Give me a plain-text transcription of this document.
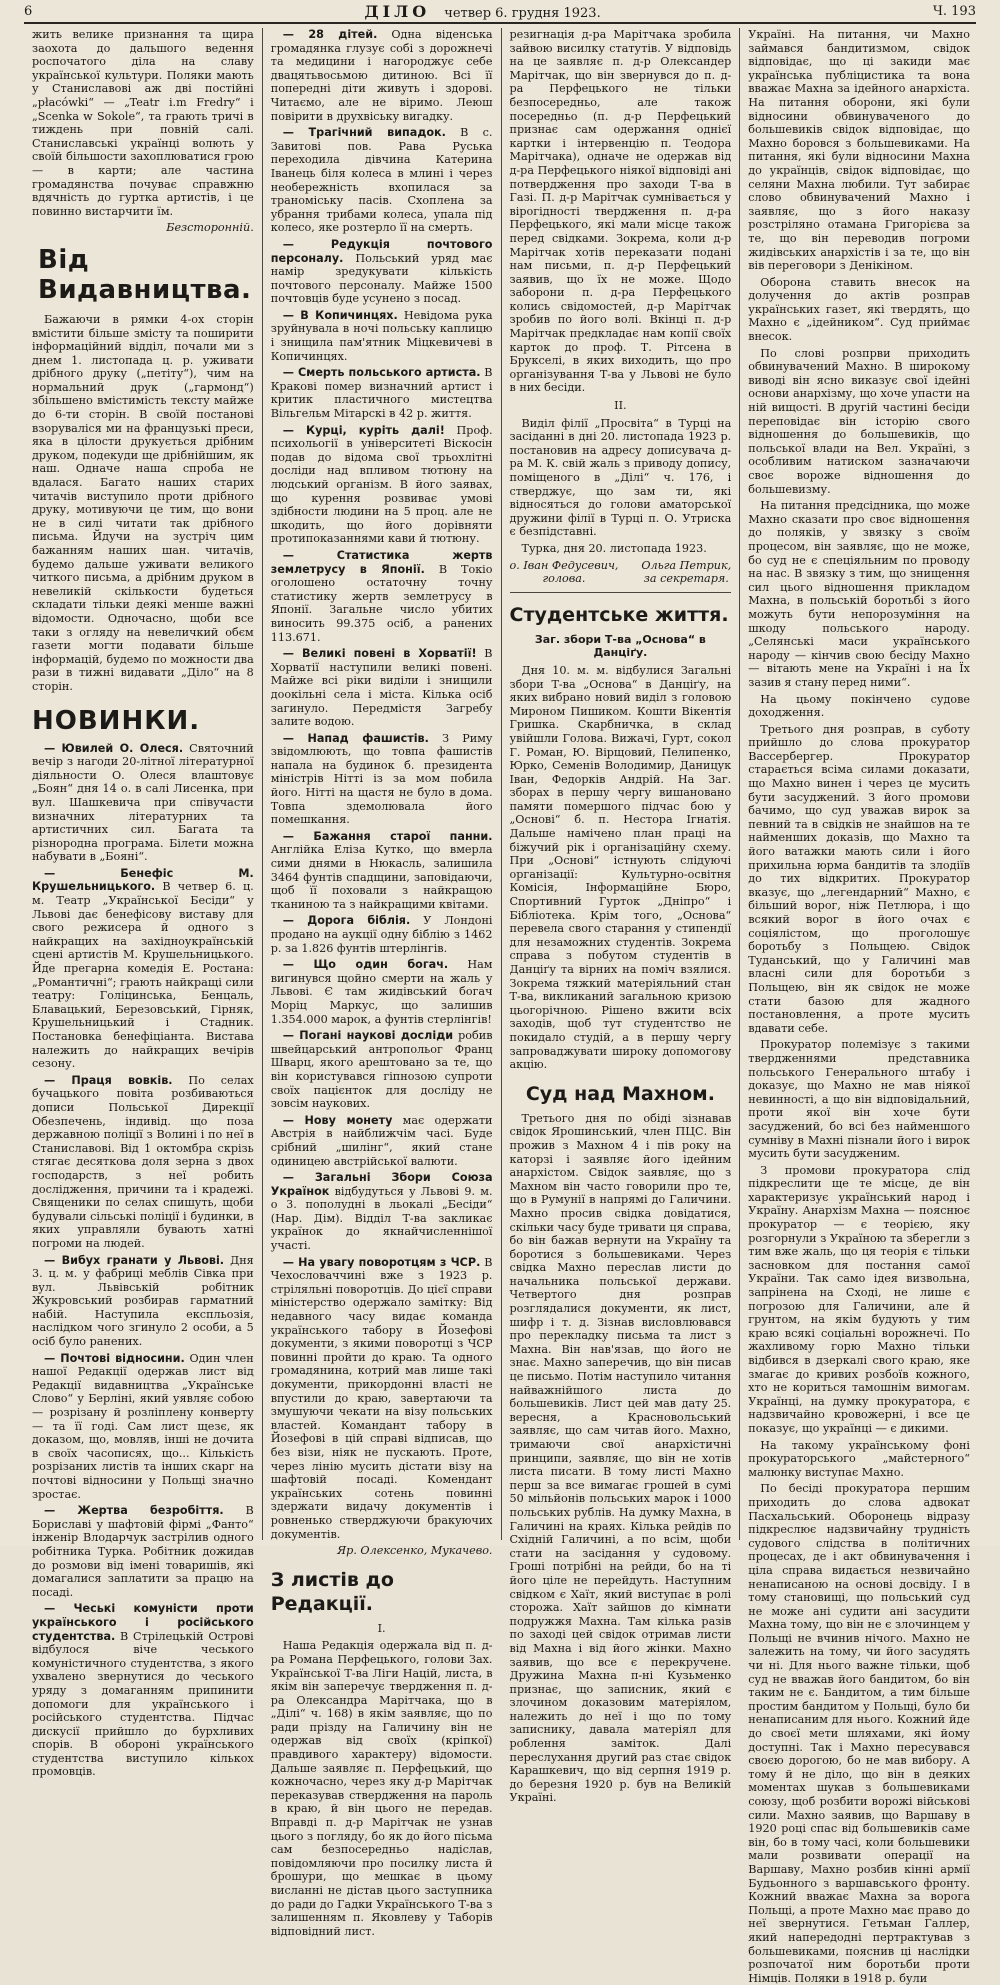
6	ДІЛО четвер 6. грудня 1923.	Ч. 193

жить велике признання та щира заохота до дальшого ведення роспочатого діла на славу української культури. Поляки мають у Станиславові аж дві постійні „płacówki“ — „Teatr i.m Fredry“ і „Scenka w Sokole“, та грають тричі в тиждень при повній салі. Станиславські українці волють у своїй більшости захоплюватися грою — в карти; але частина громадянства почуває справжню вдячність до гуртка артистів, і це повинно виcтарчити їм.

Безсторонній.

Від Видавництва.

Бажаючи в рямки 4-ох сторін вмістити більше змісту та поширити інформаційний відділ, почали ми з днем 1. листопада ц. р. уживати дрібного друку („петіту“), чим на нормальний друк („гармонд“) збільшено вмістимість тексту майже до 6-ти сторін. В своїй постанові взоруваліся ми на французькі преси, яка в цілости друкується дрібним друком, подекуди ще дрібнійшим, як наш. Одначе наша спроба не вдалася. Багато наших старих читачів виступило проти дрібного друку, мотивуючи це тим, що вони не в силі читати так дрібного письма. Йдучи на зустріч цим бажанням наших шан. читачів, будемо дальше уживати великого читкого письма, а дрібним друком в невеликій скількости будеться складати тільки деякі менше важні відомости. Одночасно, щоби все таки з огляду на невеличкий обєм газети могти подавати більше інформацій, будемо по можности два рази в тижні видавати „Діло“ на 8 сторін.

НОВИНКИ.

— Ювилей О. Олеся. Святочний вечір з нагоди 20-літної літературної діяльности О. Олеся влаштовує „Боян“ дня 14 о. в салі Лисенка, при вул. Шашкевича при співучасти визначних літературних та артистичних сил. Багата та різнородна програма. Білети можна набувати в „Бояні“.

— Бенефіс М. Крушельницького. В четвер 6. ц. м. Театр „Української Бесіди“ у Львові дає бенефісову виставу для свого режисера й одного з найкращих на західноукраїнській сцені артистів М. Крушельницького. Йде прегарна комедія Е. Ростана: „Романтичні“; грають найкращі сили театру: Голіцинська, Бенцаль, Блавацький, Березовський, Гірняк, Крушельницький і Стадник. Постановка бенефіціанта. Вистава належить до найкращих вечірів сезону.

— Праця вовків. По селах бучацького повіта розбиваються дописи Польської Дирекції Обезпечень, індивід. що поза державною поліції з Волині і по неї в Станиславові. Від 1 октомбра скрізь стягає десяткова доля зерна з двох господарств, з неї робить дослідження, причини та і крадежі. Священики по селах спишуть, щоби будували сільські поліції і будинки, в яких управляли бувають хатні погроми на людей.

— Вибух гранати у Львові. Дня 3. ц. м. у фабриці меблів Сівка при вул. Львівській робітник Жукровський розбирав гарматний набій. Наступила експльозія, наслідком чого згинуло 2 особи, а 5 осіб було ранених.

— Почтові відносини. Один член нашої Редакції одержав лист від Редакції видавництва „Українське Слово“ у Берліні, який уявляє собою — розрізану й розліплену конверту — та її годі. Сам лист щезє, як доказом, що, мовляв, інші не дочита в своїх часописях, що... Кількість розрізаних листів та інших скарг на почтові відносини у Польщі значно зростає.

— Жертва безробіття. В Бориславі у шафтовій фірмі „Фанто“ інженір Влодарчук застрілив одного робітника Турка. Робітник дожидав до розмови від імені товаришів, які домагалися заплатити за працю на посаді.

— Чеські комуністи проти українського і російського студентства. В Стрілецькій Острові відбулося віче чеського комуністичного студентства, з якого ухвалено звернутися до чеського уряду з домаганням припинити допомоги для українського і російського студентства. Підчас дискусії прийшло до бурхливих спорів. В обороні українського студентства виступило кількох промовців.

— 28 дітей. Одна віденська громадянка глузує собі з дорожнечі та медицини і нагороджує себе двацятьвосьмою дитиною. Всі її попередні діти живуть і здорові. Читаємо, але не віримо. Леюш повірити в друхвіську вигадку.

— Трагічний випадок. В с. Завитові пов. Рава Руська переходила дівчина Катерина Іванець біля колеса в млині і через необережність вхопилася за траноміську пасів. Схоплена за убрання трибами колеса, упала під колесо, яке розтерло її на смерть.

— Редукція почтового персоналу. Польський уряд має намір зредукувати кількість почтового персоналу. Майже 1500 почтовців буде усунено з посад.

— В Копичинцях. Невідома рука зруйнувала в ночі польську каплицю і знищила пам'ятник Міцкевичеві в Копичинцях.

— Смерть польського артиста. В Кракові помер визначний артист і критик пластичного мистецтва Вільгельм Мітарскі в 42 р. життя.

— Курці, куріть далі! Проф. психольогії в університеті Віскосін подав до відома свої трьохлітні досліди над впливом тютюну на людський організм. В його заявах, що курення розвиває умові здібности людини на 5 проц. але не шкодить, що його дорівняти протипоказаннями кави й тютюну.

— Статистика жертв землетрусу в Японії. В Токіо оголошено остаточну точну статистику жертв землетрусу в Японії. Загальне число убитих виносить 99.375 осіб, а ранених 113.671.

— Великі повені в Хорватії! В Хорватії наступили великі повені. Майже всі ріки виділи і знищили доокільні села і міста. Кілька осіб загинуло. Передмістя Загребу залите водою.

— Напад фашистів. З Риму звідомлюють, що товпа фашистів напала на будинок б. президента міністрів Нітті із за мом побила його. Нітті на щастя не було в дома. Товпа здемолювала його помешкання.

— Бажання старої панни. Англійка Еліза Кутко, що вмерла сими днями в Нюкасль, залишила 3464 фунтів спадщини, заповідаючи, щоб її поховали з найкращою тканиною та з найкращими квітами.

— Дорога біблія. У Лондоні продано на аукції одну біблію з 1462 р. за 1.826 фунтів штерлінгів.

— Що один богач. Нам вигинувся щойно смерти на жаль у Львові. Є там жидівський богач Моріц Маркус, що залишив 1.354.000 марок, а фунтів стерлінгів!

— Погані наукові досліди робив швейцарський антропольог Франц Шварц, якого арештовано за те, що він користувався гіпнозою супроти своїх пацієнток для досліду не зовсім наукових.

— Нову монету має одержати Австрія в найближчім часі. Буде срібний „шилінг“, який стане одиницею австрійської валюти.

— Загальні Збори Союза Українок відбудуться у Львові 9. м. о 3. пополудні в льокалі „Бесіди“ (Нар. Дім). Відділ Т-ва закликає українок до якнайчисленнішої участі.

— На увагу поворотцям з ЧСР. В Чехословаччині вже з 1923 р. стріляльні поворотців. До цієї справи міністерство одержало замітку: Від недавного часу видає команда українського табору в Йозефові документи, з якими поворотці з ЧСР повинні пройти до краю. Та одного громадянина, котрий мав лише такі документи, прикордонні власті не впустили до краю, завертаючи та змушуючи чекати на візу польських властей. Командант табору в Йозефові в цій справі відписав, що без візи, ніяк не пускають. Проте, через лінію мусить дістати візу на шафтовій посаді. Комендант українських сотень повинні здержати видачу документів і ровненько стверджуючи бракуючих документів.

Яр. Олексенко, Мукачево.

З листів до Редакції.
І.

Наша Редакція одержала від п. д-ра Романа Перфецького, голови Зах. Української Т-ва Ліги Націй, листа, в якім він заперечує твердження п. д-ра Олександра Марітчака, що в „Ділі“ ч. 168) в якім заявляє, що по ради прізду на Галичину він не одержав від своїх (кріпкої) правдивого характеру) відомости. Дальше заявляє п. Перфецький, що кожночасно, через яку д-р Марітчак переказував ствердження на пароль в краю, й він цього не передав. Вправді п. д-р Марітчак не узнав цього з погляду, бо як до його пісьма сам безпосередньо надіслав, повідомляючи про посилку листа й брошури, що мешкає в цьому висланні не дістав цього заступника до ради до Гадки Українського Т-ва з залишенням п. Яковлеву у Таборів відповідний лист.

резигнація д-ра Марітчака зробила зайвою висилку статутів. У відповідь на це заявляє п. д-р Олександер Марітчак, що він звернувся до п. д-ра Перфецького не тільки безпосередньо, але також посередньо (п. д-р Перфецький признає сам одержання однієї картки і інтервенцію п. Теодора Марітчака), одначе не одержав від д-ра Перфецького ніякої відповіді ані потвердження про заходи Т-ва в Газі. П. д-р Марітчак сумнівається у вірогідності твердження п. д-ра Перфецького, які мали місце також перед свідками. Зокрема, коли д-р Марітчак хотів переказати подані нам письми, п. д-р Перфецький заявив, що їх не може. Щодо заборони п. д-ра Перфецького колись свідомостей, д-р Марітчак зробив по його волі. Вкінці п. д-р Марітчак предкладає нам копії своїх карток до проф. Т. Рітсена в Брукселі, в яких виходить, що про організування Т-ва у Львові не було в них бесіди.

ІІ.

Виділ філії „Просвіта“ в Турці на засіданні в дні 20. листопада 1923 р. постановив на адресу дописувача д-ра М. К. свій жаль з приводу допису, поміщеного в „Ділі“ ч. 176, і стверджує, що зам ти, які відносяться до голови аматорської дружини філії в Турці п. О. Утриска є безпідставні.

Турка, дня 20. листопада 1923.

о. Іван Федусевич,
голова.
Ольга Петрик,
за секретаря.
Студентське життя.
Заг. збори Т-ва „Основа“ в Данціґу.

Дня 10. м. м. відбулися Загальні збори Т-ва „Основа“ в Данціґу, на яких вибрано новий виділ з головою Мироном Пишиком. Кошти Вікентія Гришка. Скарбничка, в склад увійшли Голова. Вижачі, Гурт, сокол Г. Роман, Ю. Вірщовий, Пелипенко, Юрко, Семенів Володимир, Даницук Іван, Федорків Андрій. На Заг. зборах в першу чергу вишановано памяти помершого підчас бою у „Основі“ б. п. Нестора Ігнатія. Дальше намічено план праці на біжучий рік і організаційну схему. При „Основі“ істнують слідуючі організації: Культурно-освітня Комісія, Інформаційне Бюро, Спортивний Гурток „Дніпро“ і Бібліотека. Крім того, „Основа“ перевела свого старання у стипендії для незаможних студентів. Зокрема справа з побутом студентів в Данціґу та вірних на поміч взялися. Зокрема тяжкий матеріяльний стан Т-ва, викликаний загальною кризою цьогорічною. Рішено вжити всіх заходів, щоб тут студентство не покидало студій, а в першу чергу запроваджувати широку допомогову акцію.

Суд над Махном.

Третього дня по обіді зізнавав свідок Ярошинський, член ПЦС. Він прожив з Махном 4 і пів року на каторзі і заявляє його ідейним анархістом. Свідок заявляє, що з Махном він часто говорили про те, що в Румунії в напрямі до Галичини. Махно просив свідка довідатися, скільки часу буде тривати ця справа, бо він бажав вернути на Україну та боротися з большевиками. Через свідка Махно переслав листи до начальника польської держави. Четвертого дня розправ розглядалися документи, як лист, шифр і т. д. Зізнав висловлювався про перекладку письма та лист з Махна. Він нав'язав, що його не знає. Махно заперечив, що він писав це письмо. Потім наступило читання найважнійшого листа до большевиків. Лист цей мав дату 25. вересня, а Красновольський заявляє, що сам читав його. Махно, тримаючи свої анархістичні принципи, заявляє, що він не хотів листа писати. В тому листі Махно перш за все вимагає грошей в сумі 50 мільйонів польських марок і 1000 польських рублів. На думку Махна, в Галичині на краях. Кілька рейдів по Східній Галичині, а по всім, щоби стати на засідання у судовому. Гроші потрібні на рейди, бо на ті його ціле не перейдуть. Наступним свідком є Хаїт, який виступає в ролі сторожа. Хаїт зайшов до кімнати подружжя Махна. Там кілька разів по заході цей свідок отримав листи від Махна і від його жінки. Махно заявив, що все є перекручене. Дружина Махна п-ні Кузьменко признає, що записник, який є злочином доказовим матеріялом, належить до неї і що по тому записнику, давала матеріял для роблення заміток. Далі переслухання другий раз стає свідок Карашкевич, що від серпня 1919 р. до березня 1920 р. був на Великій Україні.

Україні. На питання, чи Махно займався бандитизмом, свідок відповідає, що ці закиди має українська публіцистика та вона вважає Махна за ідейного анархіста. На питання оборони, які були відносини обвинуваченого до большевиків свідок відповідає, що Махно боровся з большевиками. На питання, які були відносини Махна до українців, свідок відповідає, що селяни Махна любили. Тут забирає слово обвинувачений Махно і заявляє, що з його наказу розстріляно отамана Григорієва за те, що він переводив погроми жидівських анархістів і за те, що він вів переговори з Денікіном.

Оборона ставить внесок на долучення до актів розправ українських газет, які твердять, що Махно є „ідейником“. Суд приймає внесок.

По слові розпрви приходить обвинувачений Махно. В широкому виводі він ясно виказує свої ідейні основи анархізму, що хоче упасти на ній вищості. В другій частині бесіди переповідає він історію свого відношення до большевиків, що польської влади на Вел. Україні, з особливим натиском зазначаючи своє вороже відношення до большевизму.

На питання предсідника, що може Махно сказати про своє відношення до поляків, у звязку з своїм процесом, він заявляє, що не може, бо суд не є спеціяльним по проводу на нас. В звязку з тим, що знищення сил цього відношення прикладом Махна, в польській боротьбі з його можуть бути непорозуміння на шкоду польського народу. „Селянські маси українського народу — кінчив свою бесіду Махно — вітають мене на Україні і на Їх зазив я стану перед ними“.

На цьому покінчено судове доходження.

Третього дня розправ, в суботу прийшло до слова прокуратор Вассербергер. Прокуратор старається всіма силами доказати, що Махно винен і через це мусить бути засуджений. З його промови бачимо, що суд уважав вирок за певний та в свідків не знайшов на те найменших доказів, що Махно та його ватажки мають сили і його прихильна юрма бандитів та злодіїв до тих відкритих. Прокуратор вказує, що „легендарний“ Махно, є більший ворог, ніж Петлюра, і що всякий ворог в його очах є соціялістом, що проголошує боротьбу з Польщею. Свідок Туданський, що у Галичині мав власні сили для боротьби з Польщею, він як свідок не може стати базою для жадного постановлення, а проте мусить вдавати себе.

Прокуратор полемізує з такими твердженнями представника польського Генерального штабу і доказує, що Махно не мав ніякої невинності, а що він відповідальний, проти якої він хоче бути засуджений, бо всі без найменшого сумніву в Махні пізнали його і вирок мусить бути засудженим.

З промови прокуратора слід підкреслити ще те місце, де він характеризує український народ і Україну. Анархізм Махна — пояснює прокуратор — є теорією, яку розгорнули з Україною та зберегли з тим вже жаль, що ця теорія є тільки засновком для постання самої України. Так само ідея визвольна, запрінена на Сході, не лише є погрозою для Галичини, але й грунтом, на якім будують у тим краю всякі соціальні ворожнечі. По жахливому горю Махно тільки відбився в дзеркалі свого краю, яке змагає до кривих розбоїв кожного, хто не кориться тамошнім вимогам. Українці, на думку прокуратора, є надзвичайно кровожерні, і все це показує, що українці — є дикими.

На такому українському фоні прокураторського „майстерного“ малюнку виступає Махно.

По бесіді прокуратора першим приходить до слова адвокат Пасхальський. Оборонець відразу підкреслює надзвичайну трудність судового слідства в політичних процесах, де і акт обвинувачення і ціла справа видається незвичайно ненаписаною на основі досвіду. І в тому становищі, що польський суд не може ані судити ані засудити Махна тому, що він не є злочинцем у Польщі не вчинив нічого. Махно не залежить на тому, чи його засудять чи ні. Для нього важне тільки, щоб суд не вважав його бандитом, бо він таким не є. Бандитом, а тим більше простим бандитом у Польщі, було би ненаписаним для нього. Кожний йде до своєї мети шляхами, які йому доступні. Так і Махно пересувався своєю дорогою, бо не мав вибору. А тому й не діло, що він в деяких моментах шукав з большевиками союзу, щоб розбити ворожі військові сили. Махно заявив, що Варшаву в 1920 році спас від большевиків саме він, бо в тому часі, коли большевики мали розвивати операції на Варшаву, Махно розбив кінні армії Будьонного з варшавського фронту. Кожний вважає Махна за ворога Польщі, а проте Махно має право до неї звернутися. Гетьман Галлер, який напередодні пертрактував з большевиками, пояснив ці наслідки розпочатої ним боротьби проти Німців. Поляки в 1918 р. були
